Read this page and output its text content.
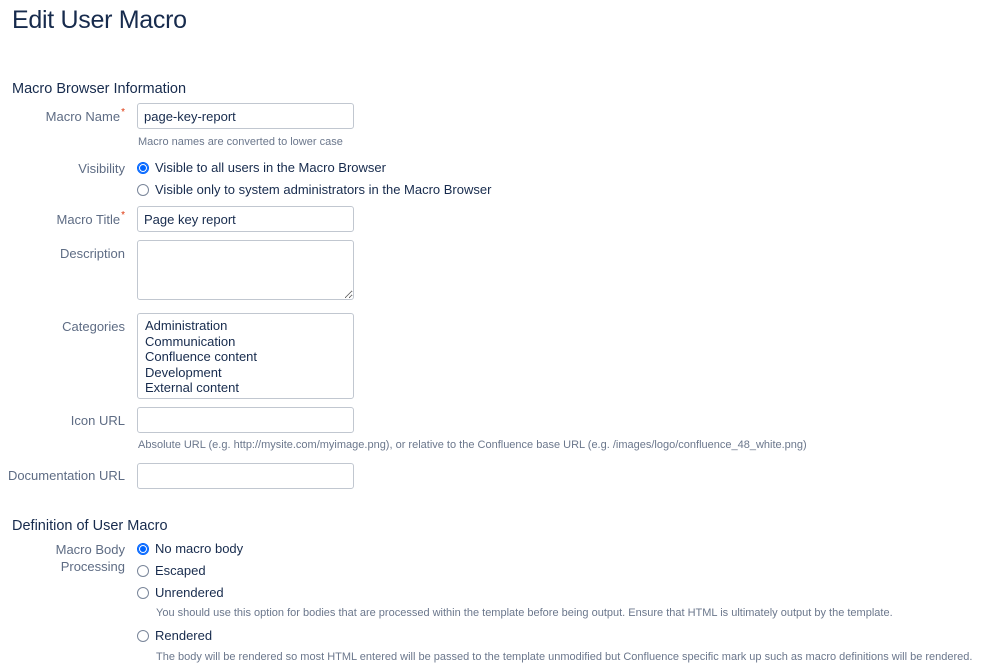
Edit User Macro
Macro Browser Information
Macro Name*
page-key-report
Macro names are converted to lower case
Visibility Visible to all users in the Macro Browser
Visible only to system administrators in the Macro Browser
Macro Title*
Page key report
Description
Categories Administration
Communication
Confluence content
Development
External content
Icon URL
Absolute URL (e.g. http://mysite.com/myimage.png), or relative to the Confluence base URL (e.g. /images/logo/confluence_48_white.png)
Documentation URL
Definition of User Macro
Macro Body
Processing
No macro body
Escaped
Unrendered
You should use this option for bodies that are processed within the template before being output. Ensure that HTML is ultimately output by the template.
Rendered
The body will be rendered so most HTML entered will be passed to the template unmodified but Confluence specific mark up such as macro definitions will be rendered.
